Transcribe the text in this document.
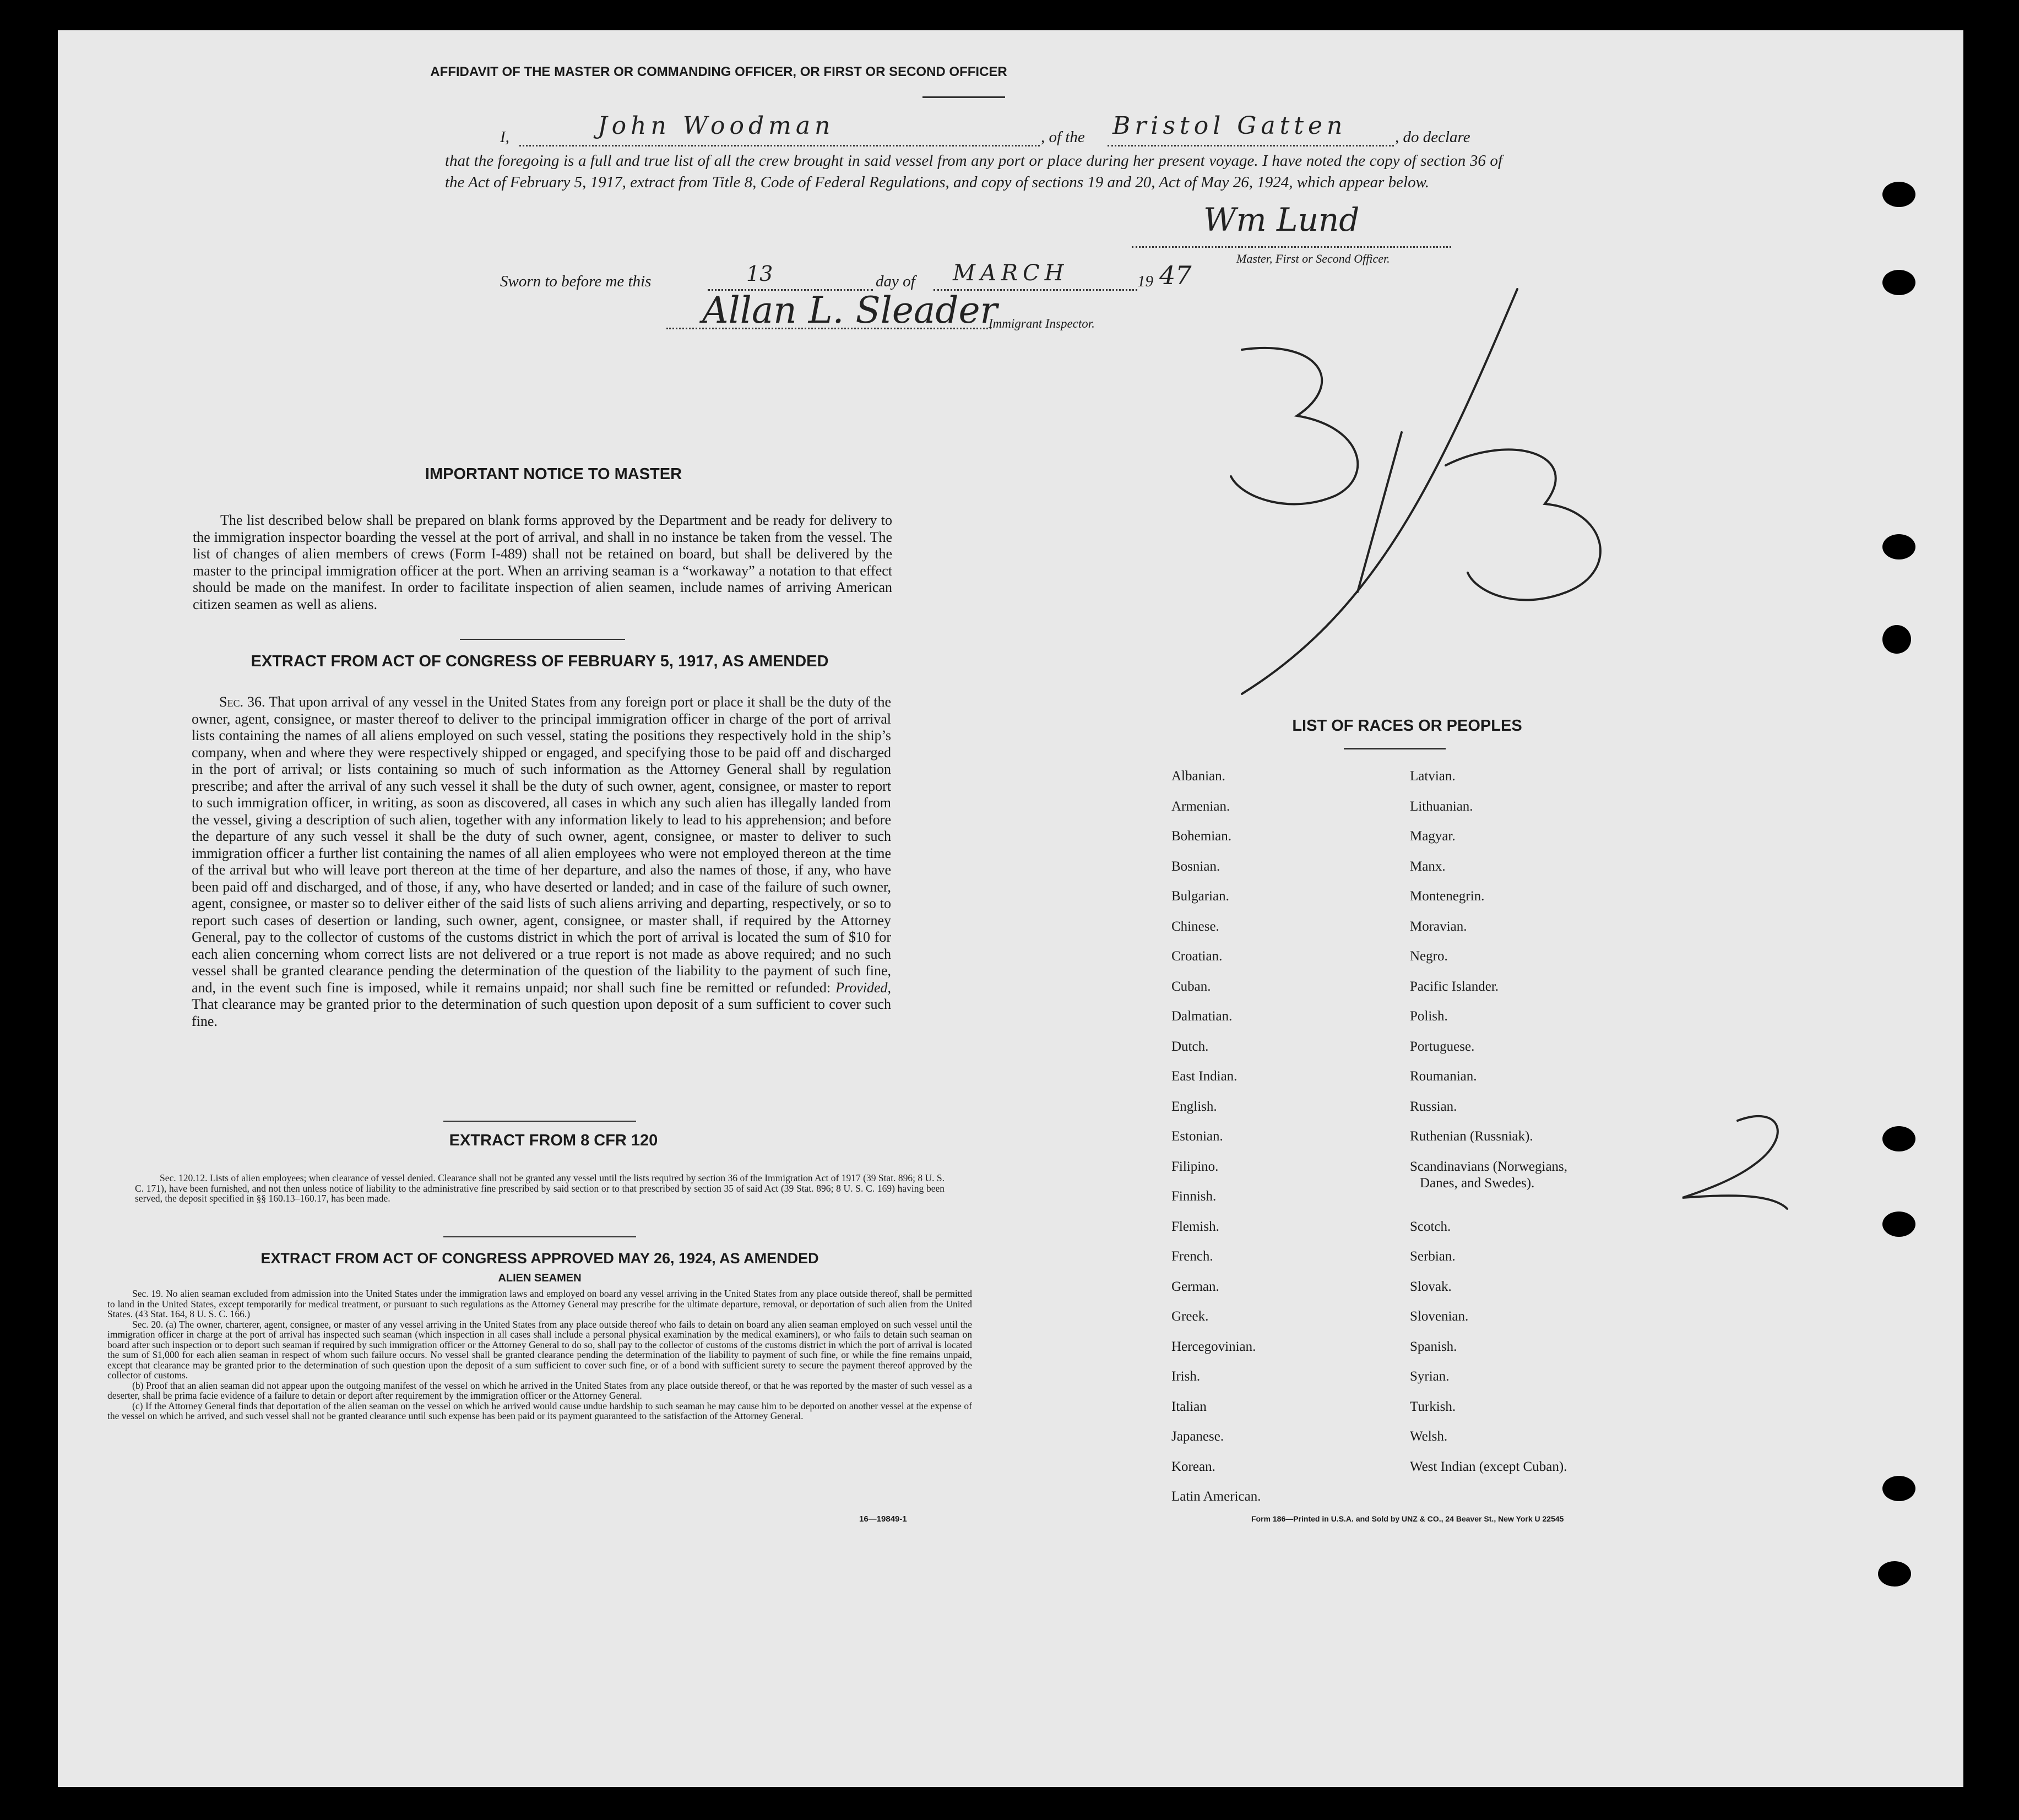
AFFIDAVIT OF THE MASTER OR COMMANDING OFFICER, OR FIRST OR SECOND OFFICER
I,	John Woodman	, of the Bristol Gatten	, do declare
that the foregoing is a full and true list of all the crew brought in said vessel from any port or place during her present voyage. I have noted the copy of section 36 of the Act of February 5, 1917, extract from Title 8, Code of Federal Regulations, and copy of sections 19 and 20, Act of May 26, 1924, which appear below.
Wm Lund
Master, First or Second Officer.
Sworn to before me this	13	day of MARCH	19 47
Allan L. Sleader
Immigrant Inspector.
IMPORTANT NOTICE TO MASTER
The list described below shall be prepared on blank forms approved by the Department and be ready for delivery to the immigration inspector boarding the vessel at the port of arrival, and shall in no instance be taken from the vessel. The list of changes of alien members of crews (Form I-489) shall not be retained on board, but shall be delivered by the master to the principal immigration officer at the port. When an arriving seaman is a “workaway” a notation to that effect should be made on the manifest. In order to facilitate inspection of alien seamen, include names of arriving American citizen seamen as well as aliens.
EXTRACT FROM ACT OF CONGRESS OF FEBRUARY 5, 1917, AS AMENDED
Sec. 36. That upon arrival of any vessel in the United States from any foreign port or place it shall be the duty of the owner, agent, consignee, or master thereof to deliver to the principal immigration officer in charge of the port of arrival lists containing the names of all aliens employed on such vessel, stating the positions they respectively hold in the ship’s company, when and where they were respectively shipped or engaged, and specifying those to be paid off and discharged in the port of arrival; or lists containing so much of such information as the Attorney General shall by regulation prescribe; and after the arrival of any such vessel it shall be the duty of such owner, agent, consignee, or master to report to such immigration officer, in writing, as soon as discovered, all cases in which any such alien has illegally landed from the vessel, giving a description of such alien, together with any information likely to lead to his apprehension; and before the departure of any such vessel it shall be the duty of such owner, agent, consignee, or master to deliver to such immigration officer a further list containing the names of all alien employees who were not employed thereon at the time of the arrival but who will leave port thereon at the time of her departure, and also the names of those, if any, who have been paid off and discharged, and of those, if any, who have deserted or landed; and in case of the failure of such owner, agent, consignee, or master so to deliver either of the said lists of such aliens arriving and departing, respectively, or so to report such cases of desertion or landing, such owner, agent, consignee, or master shall, if required by the Attorney General, pay to the collector of customs of the customs district in which the port of arrival is located the sum of $10 for each alien concerning whom correct lists are not delivered or a true report is not made as above required; and no such vessel shall be granted clearance pending the determination of the question of the liability to the payment of such fine, and, in the event such fine is imposed, while it remains unpaid; nor shall such fine be remitted or refunded: Provided, That clearance may be granted prior to the determination of such question upon deposit of a sum sufficient to cover such fine.
EXTRACT FROM 8 CFR 120
Sec. 120.12. Lists of alien employees; when clearance of vessel denied. Clearance shall not be granted any vessel until the lists required by section 36 of the Immigration Act of 1917 (39 Stat. 896; 8 U. S. C. 171), have been furnished, and not then unless notice of liability to the administrative fine prescribed by said section or to that prescribed by section 35 of said Act (39 Stat. 896; 8 U. S. C. 169) having been served, the deposit specified in §§ 160.13–160.17, has been made.
EXTRACT FROM ACT OF CONGRESS APPROVED MAY 26, 1924, AS AMENDED
ALIEN SEAMEN
Sec. 19. No alien seaman excluded from admission into the United States under the immigration laws and employed on board any vessel arriving in the United States from any place outside thereof, shall be permitted to land in the United States, except temporarily for medical treatment, or pursuant to such regulations as the Attorney General may prescribe for the ultimate departure, removal, or deportation of such alien from the United States. (43 Stat. 164, 8 U. S. C. 166.)
Sec. 20. (a) The owner, charterer, agent, consignee, or master of any vessel arriving in the United States from any place outside thereof who fails to detain on board any alien seaman employed on such vessel until the immigration officer in charge at the port of arrival has inspected such seaman (which inspection in all cases shall include a personal physical examination by the medical examiners), or who fails to detain such seaman on board after such inspection or to deport such seaman if required by such immigration officer or the Attorney General to do so, shall pay to the collector of customs of the customs district in which the port of arrival is located the sum of $1,000 for each alien seaman in respect of whom such failure occurs. No vessel shall be granted clearance pending the determination of the liability to payment of such fine, or while the fine remains unpaid, except that clearance may be granted prior to the determination of such question upon the deposit of a sum sufficient to cover such fine, or of a bond with sufficient surety to secure the payment thereof approved by the collector of customs.
(b) Proof that an alien seaman did not appear upon the outgoing manifest of the vessel on which he arrived in the United States from any place outside thereof, or that he was reported by the master of such vessel as a deserter, shall be prima facie evidence of a failure to detain or deport after requirement by the immigration officer or the Attorney General.
(c) If the Attorney General finds that deportation of the alien seaman on the vessel on which he arrived would cause undue hardship to such seaman he may cause him to be deported on another vessel at the expense of the vessel on which he arrived, and such vessel shall not be granted clearance until such expense has been paid or its payment guaranteed to the satisfaction of the Attorney General.
16—19849-1
LIST OF RACES OR PEOPLES
Albanian.
Armenian.
Bohemian.
Bosnian.
Bulgarian.
Chinese.
Croatian.
Cuban.
Dalmatian.
Dutch.
East Indian.
English.
Estonian.
Filipino.
Finnish.
Flemish.
French.
German.
Greek.
Hercegovinian.
Irish.
Italian
Japanese.
Korean.
Latin American.
Latvian.
Lithuanian.
Magyar.
Manx.
Montenegrin.
Moravian.
Negro.
Pacific Islander.
Polish.
Portuguese.
Roumanian.
Russian.
Ruthenian (Russniak).
Scandinavians (Norwegians,
Scotch.
Serbian.
Slovak.
Slovenian.
Spanish.
Syrian.
Turkish.
Welsh.
West Indian (except Cuban).
Danes, and Swedes).
Form 186—Printed in U.S.A. and Sold by UNZ & CO., 24 Beaver St., New York U 22545
